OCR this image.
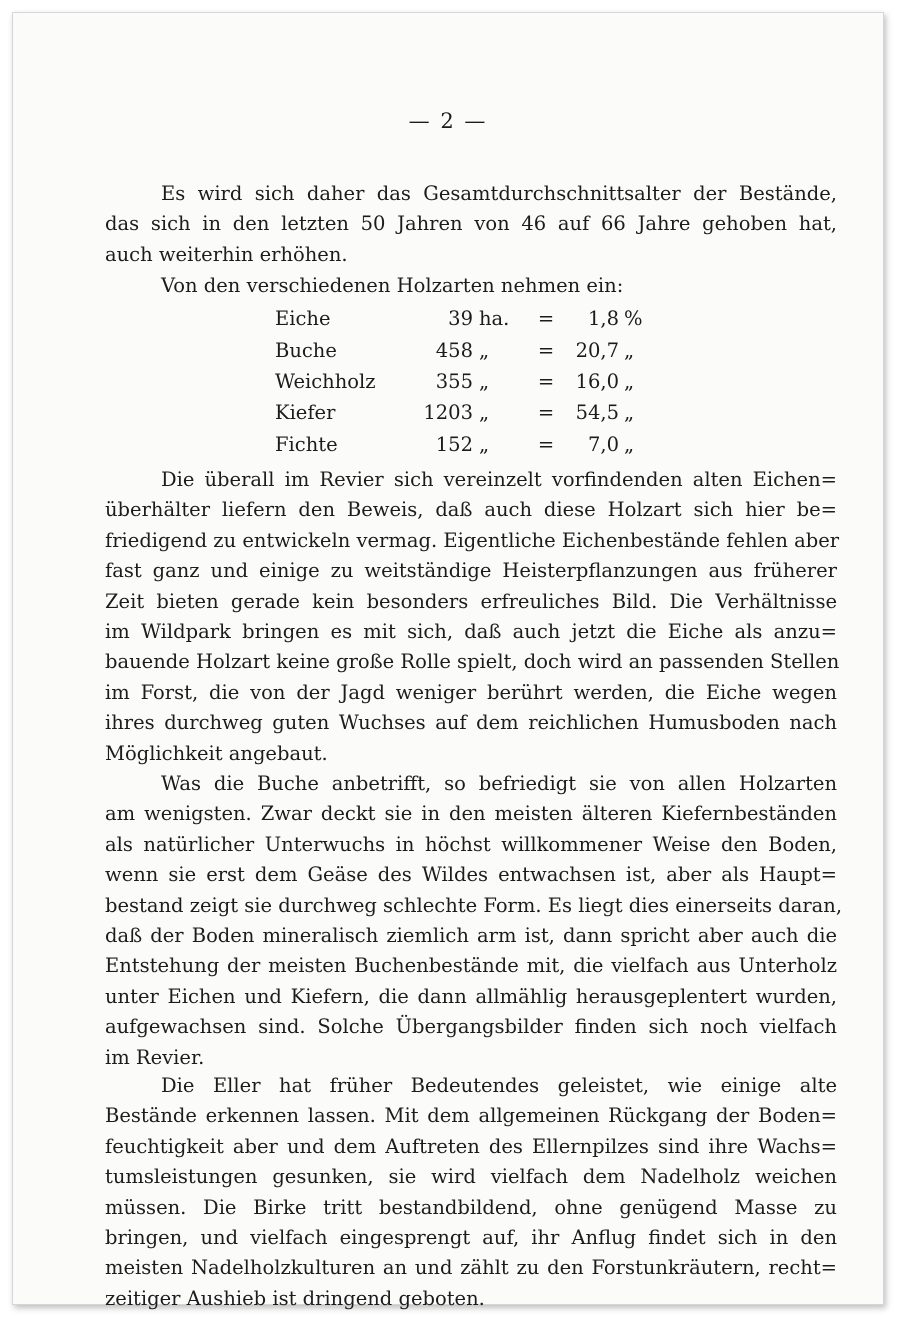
— 2 —
Es wird sich daher das Gesamtdurchschnittsalter der Bestände,
das sich in den letzten 50 Jahren von 46 auf 66 Jahre gehoben hat,
auch weiterhin erhöhen.
Von den verschiedenen Holzarten nehmen ein:
Eiche	39	ha.	=	1,8	%
Buche	458	„	=	20,7	„
Weichholz	355	„	=	16,0	„
Kiefer	1203	„	=	54,5	„
Fichte	152	„	=	7,0	„
Die überall im Revier sich vereinzelt vorfindenden alten Eichen=
überhälter liefern den Beweis, daß auch diese Holzart sich hier be=
friedigend zu entwickeln vermag. Eigentliche Eichenbestände fehlen aber
fast ganz und einige zu weitständige Heisterpflanzungen aus früherer
Zeit bieten gerade kein besonders erfreuliches Bild. Die Verhältnisse
im Wildpark bringen es mit sich, daß auch jetzt die Eiche als anzu=
bauende Holzart keine große Rolle spielt, doch wird an passenden Stellen
im Forst, die von der Jagd weniger berührt werden, die Eiche wegen
ihres durchweg guten Wuchses auf dem reichlichen Humusboden nach
Möglichkeit angebaut.
Was die Buche anbetrifft, so befriedigt sie von allen Holzarten
am wenigsten. Zwar deckt sie in den meisten älteren Kiefernbeständen
als natürlicher Unterwuchs in höchst willkommener Weise den Boden,
wenn sie erst dem Geäse des Wildes entwachsen ist, aber als Haupt=
bestand zeigt sie durchweg schlechte Form. Es liegt dies einerseits daran,
daß der Boden mineralisch ziemlich arm ist, dann spricht aber auch die
Entstehung der meisten Buchenbestände mit, die vielfach aus Unterholz
unter Eichen und Kiefern, die dann allmählig herausgeplentert wurden,
aufgewachsen sind. Solche Übergangsbilder finden sich noch vielfach
im Revier.
Die Eller hat früher Bedeutendes geleistet, wie einige alte
Bestände erkennen lassen. Mit dem allgemeinen Rückgang der Boden=
feuchtigkeit aber und dem Auftreten des Ellernpilzes sind ihre Wachs=
tumsleistungen gesunken, sie wird vielfach dem Nadelholz weichen
müssen. Die Birke tritt bestandbildend, ohne genügend Masse zu
bringen, und vielfach eingesprengt auf, ihr Anflug findet sich in den
meisten Nadelholzkulturen an und zählt zu den Forstunkräutern, recht=
zeitiger Aushieb ist dringend geboten.
